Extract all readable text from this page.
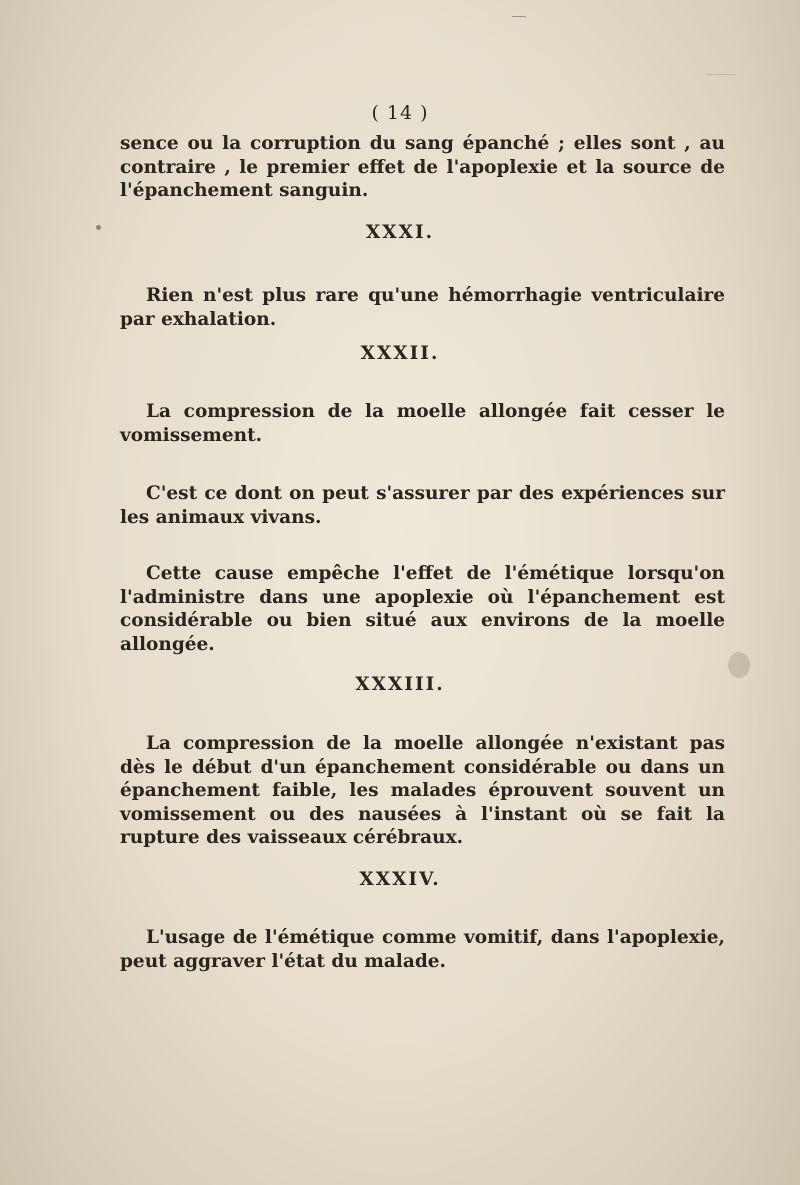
( 14 )
sence ou la corruption du sang épanché ; elles sont , au contraire , le premier effet de l'apoplexie et la source de l'épanchement sanguin.
XXXI.
Rien n'est plus rare qu'une hémorrhagie ventriculaire par exhalation.
XXXII.
La compression de la moelle allongée fait cesser le vomissement.
C'est ce dont on peut s'assurer par des expériences sur les animaux vivans.
Cette cause empêche l'effet de l'émétique lorsqu'on l'administre dans une apoplexie où l'épanchement est considérable ou bien situé aux environs de la moelle allongée.
XXXIII.
La compression de la moelle allongée n'existant pas dès le début d'un épanchement considérable ou dans un épanchement faible, les malades éprouvent souvent un vomissement ou des nausées à l'instant où se fait la rupture des vaisseaux cérébraux.
XXXIV.
L'usage de l'émétique comme vomitif, dans l'apoplexie, peut aggraver l'état du malade.
